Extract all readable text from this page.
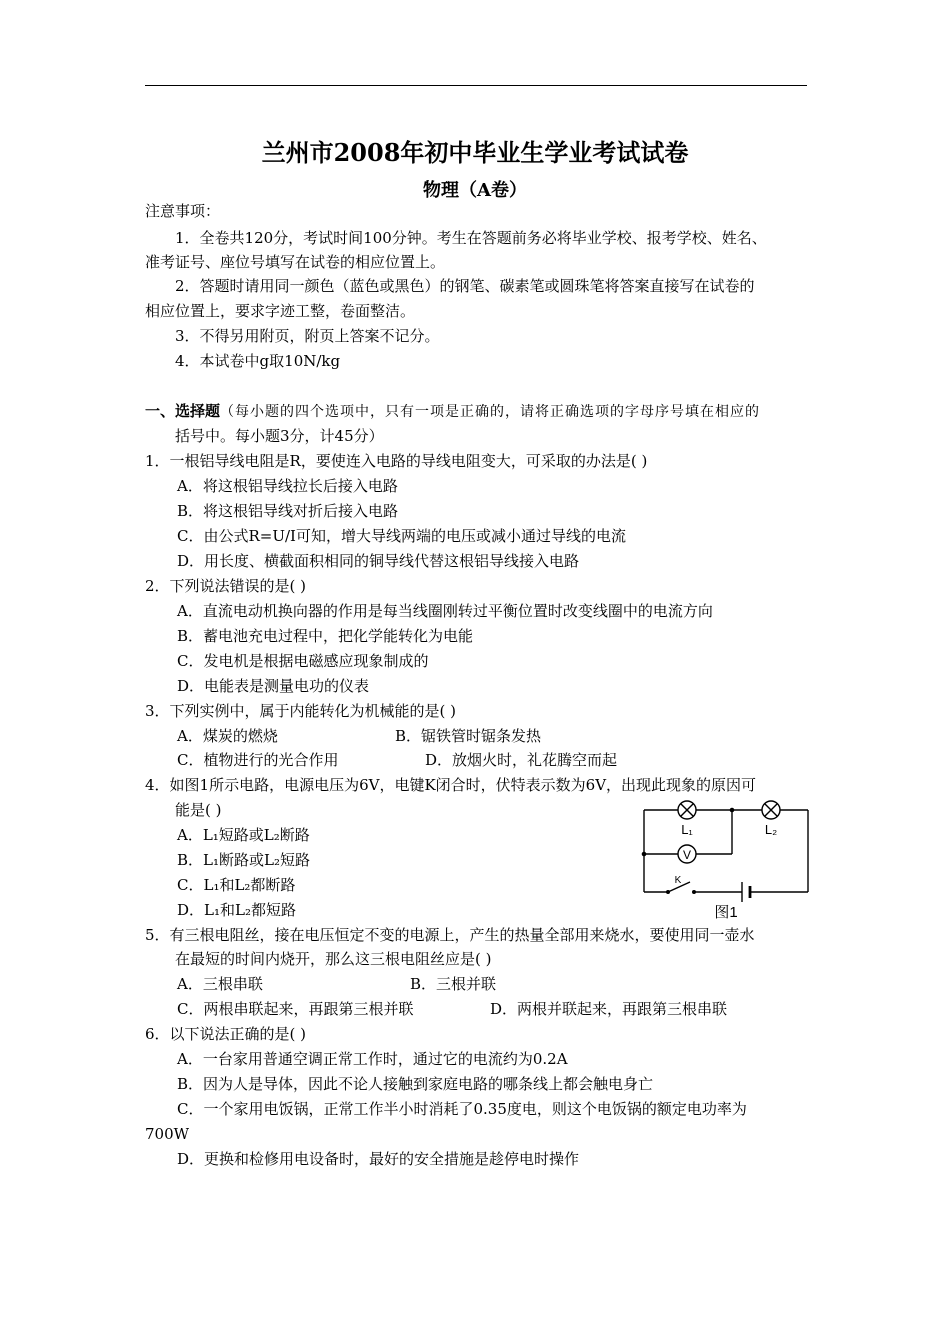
兰州市2008年初中毕业生学业考试试卷
物理（A卷）
注意事项：
1．全卷共120分，考试时间100分钟。考生在答题前务必将毕业学校、报考学校、姓名、
准考证号、座位号填写在试卷的相应位置上。
2．答题时请用同一颜色（蓝色或黑色）的钢笔、碳素笔或圆珠笔将答案直接写在试卷的
相应位置上，要求字迹工整，卷面整洁。
3．不得另用附页，附页上答案不记分。
4．本试卷中g取10N/kg
一、选择题（每小题的四个选项中，只有一项是正确的，请将正确选项的字母序号填在相应的
括号中。每小题3分，计45分）
1．一根铝导线电阻是R，要使连入电路的导线电阻变大，可采取的办法是( )
A．将这根铝导线拉长后接入电路
B．将这根铝导线对折后接入电路
C．由公式R=U/I可知，增大导线两端的电压或减小通过导线的电流
D．用长度、横截面积相同的铜导线代替这根铝导线接入电路
2．下列说法错误的是( )
A．直流电动机换向器的作用是每当线圈刚转过平衡位置时改变线圈中的电流方向
B．蓄电池充电过程中，把化学能转化为电能
C．发电机是根据电磁感应现象制成的
D．电能表是测量电功的仪表
3．下列实例中，属于内能转化为机械能的是( )
A．煤炭的燃烧	B．锯铁管时锯条发热
C．植物进行的光合作用	D．放烟火时，礼花腾空而起
4．如图1所示电路，电源电压为6V，电键K闭合时，伏特表示数为6V，出现此现象的原因可
能是( )
A．L₁短路或L₂断路
B．L₁断路或L₂短路
C．L₁和L₂都断路
D．L₁和L₂都短路
V
L₁	L₂
K
图1
5．有三根电阻丝，接在电压恒定不变的电源上，产生的热量全部用来烧水，要使用同一壶水
在最短的时间内烧开，那么这三根电阻丝应是( )
A．三根串联	B．三根并联
C．两根串联起来，再跟第三根并联	D．两根并联起来，再跟第三根串联
6．以下说法正确的是( )
A．一台家用普通空调正常工作时，通过它的电流约为0.2A
B．因为人是导体，因此不论人接触到家庭电路的哪条线上都会触电身亡
C．一个家用电饭锅，正常工作半小时消耗了0.35度电，则这个电饭锅的额定电功率为
700W
D．更换和检修用电设备时，最好的安全措施是趁停电时操作
